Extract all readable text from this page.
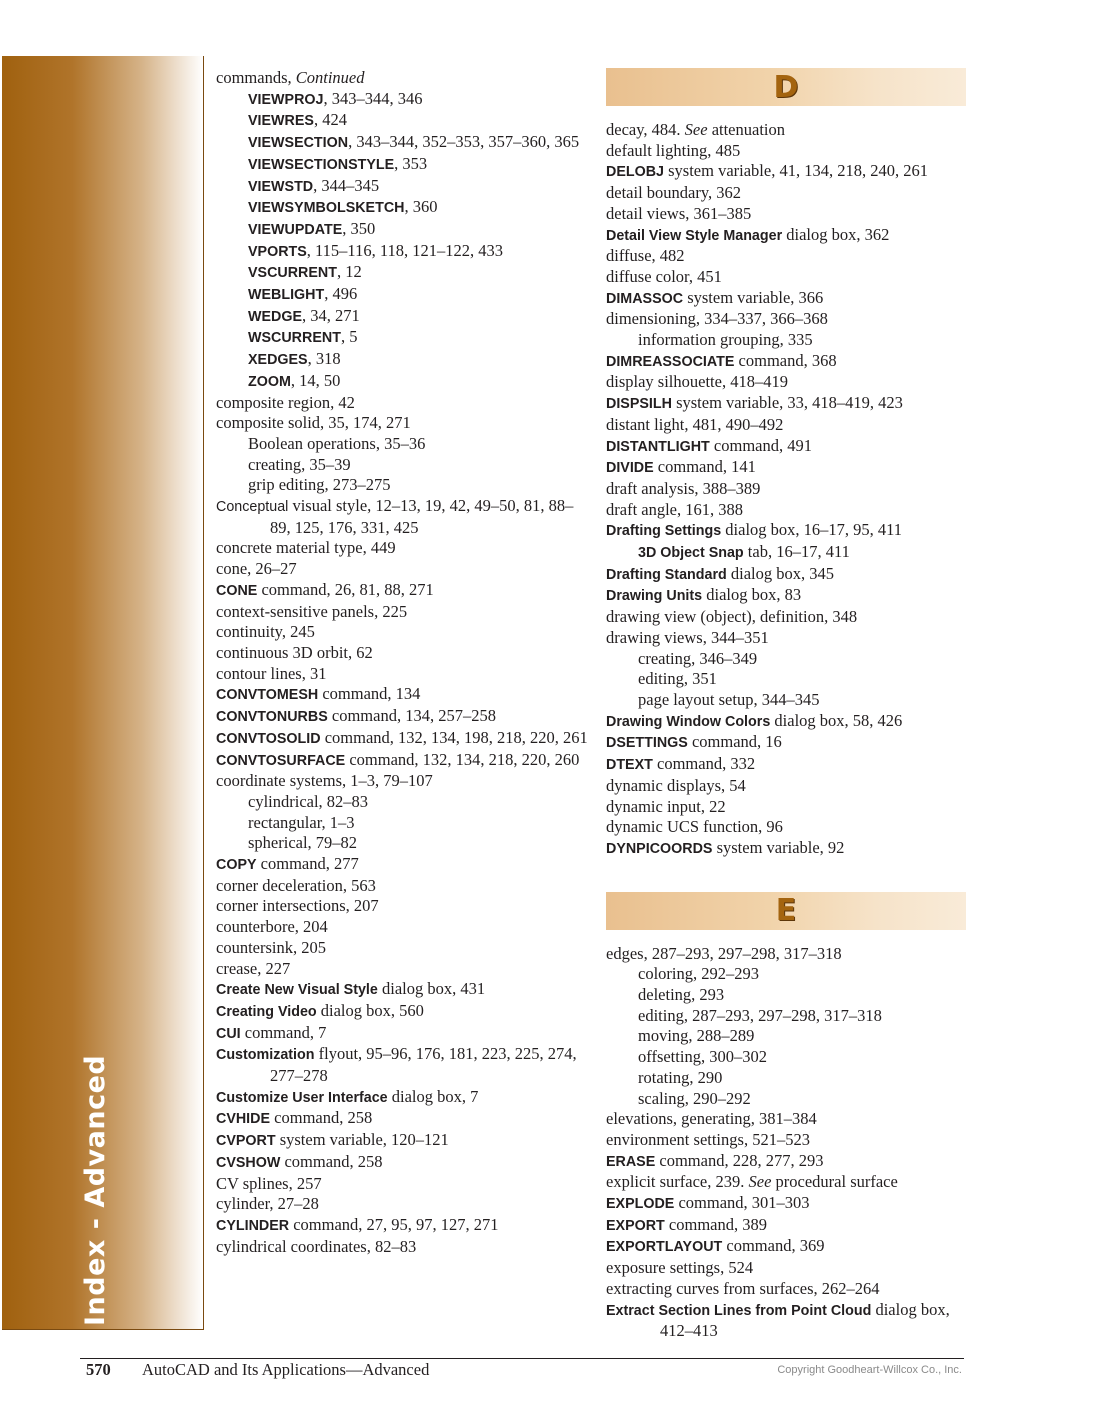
Index - Advanced
commands, Continued
VIEWPROJ, 343–344, 346
VIEWRES, 424
VIEWSECTION, 343–344, 352–353, 357–360, 365
VIEWSECTIONSTYLE, 353
VIEWSTD, 344–345
VIEWSYMBOLSKETCH, 360
VIEWUPDATE, 350
VPORTS, 115–116, 118, 121–122, 433
VSCURRENT, 12
WEBLIGHT, 496
WEDGE, 34, 271
WSCURRENT, 5
XEDGES, 318
ZOOM, 14, 50
composite region, 42
composite solid, 35, 174, 271
Boolean operations, 35–36
creating, 35–39
grip editing, 273–275
Conceptual visual style, 12–13, 19, 42, 49–50, 81, 88–89, 125, 176, 331, 425
concrete material type, 449
cone, 26–27
CONE command, 26, 81, 88, 271
context-sensitive panels, 225
continuity, 245
continuous 3D orbit, 62
contour lines, 31
CONVTOMESH command, 134
CONVTONURBS command, 134, 257–258
CONVTOSOLID command, 132, 134, 198, 218, 220, 261
CONVTOSURFACE command, 132, 134, 218, 220, 260
coordinate systems, 1–3, 79–107
cylindrical, 82–83
rectangular, 1–3
spherical, 79–82
COPY command, 277
corner deceleration, 563
corner intersections, 207
counterbore, 204
countersink, 205
crease, 227
Create New Visual Style dialog box, 431
Creating Video dialog box, 560
CUI command, 7
Customization flyout, 95–96, 176, 181, 223, 225, 274, 277–278
Customize User Interface dialog box, 7
CVHIDE command, 258
CVPORT system variable, 120–121
CVSHOW command, 258
CV splines, 257
cylinder, 27–28
CYLINDER command, 27, 95, 97, 127, 271
cylindrical coordinates, 82–83
D
decay, 484. See attenuation
default lighting, 485
DELOBJ system variable, 41, 134, 218, 240, 261
detail boundary, 362
detail views, 361–385
Detail View Style Manager dialog box, 362
diffuse, 482
diffuse color, 451
DIMASSOC system variable, 366
dimensioning, 334–337, 366–368
information grouping, 335
DIMREASSOCIATE command, 368
display silhouette, 418–419
DISPSILH system variable, 33, 418–419, 423
distant light, 481, 490–492
DISTANTLIGHT command, 491
DIVIDE command, 141
draft analysis, 388–389
draft angle, 161, 388
Drafting Settings dialog box, 16–17, 95, 411
3D Object Snap tab, 16–17, 411
Drafting Standard dialog box, 345
Drawing Units dialog box, 83
drawing view (object), definition, 348
drawing views, 344–351
creating, 346–349
editing, 351
page layout setup, 344–345
Drawing Window Colors dialog box, 58, 426
DSETTINGS command, 16
DTEXT command, 332
dynamic displays, 54
dynamic input, 22
dynamic UCS function, 96
DYNPICOORDS system variable, 92
E
edges, 287–293, 297–298, 317–318
coloring, 292–293
deleting, 293
editing, 287–293, 297–298, 317–318
moving, 288–289
offsetting, 300–302
rotating, 290
scaling, 290–292
elevations, generating, 381–384
environment settings, 521–523
ERASE command, 228, 277, 293
explicit surface, 239. See procedural surface
EXPLODE command, 301–303
EXPORT command, 389
EXPORTLAYOUT command, 369
exposure settings, 524
extracting curves from surfaces, 262–264
Extract Section Lines from Point Cloud dialog box, 412–413
570 AutoCAD and Its Applications—Advanced	Copyright Goodheart-Willcox Co., Inc.
